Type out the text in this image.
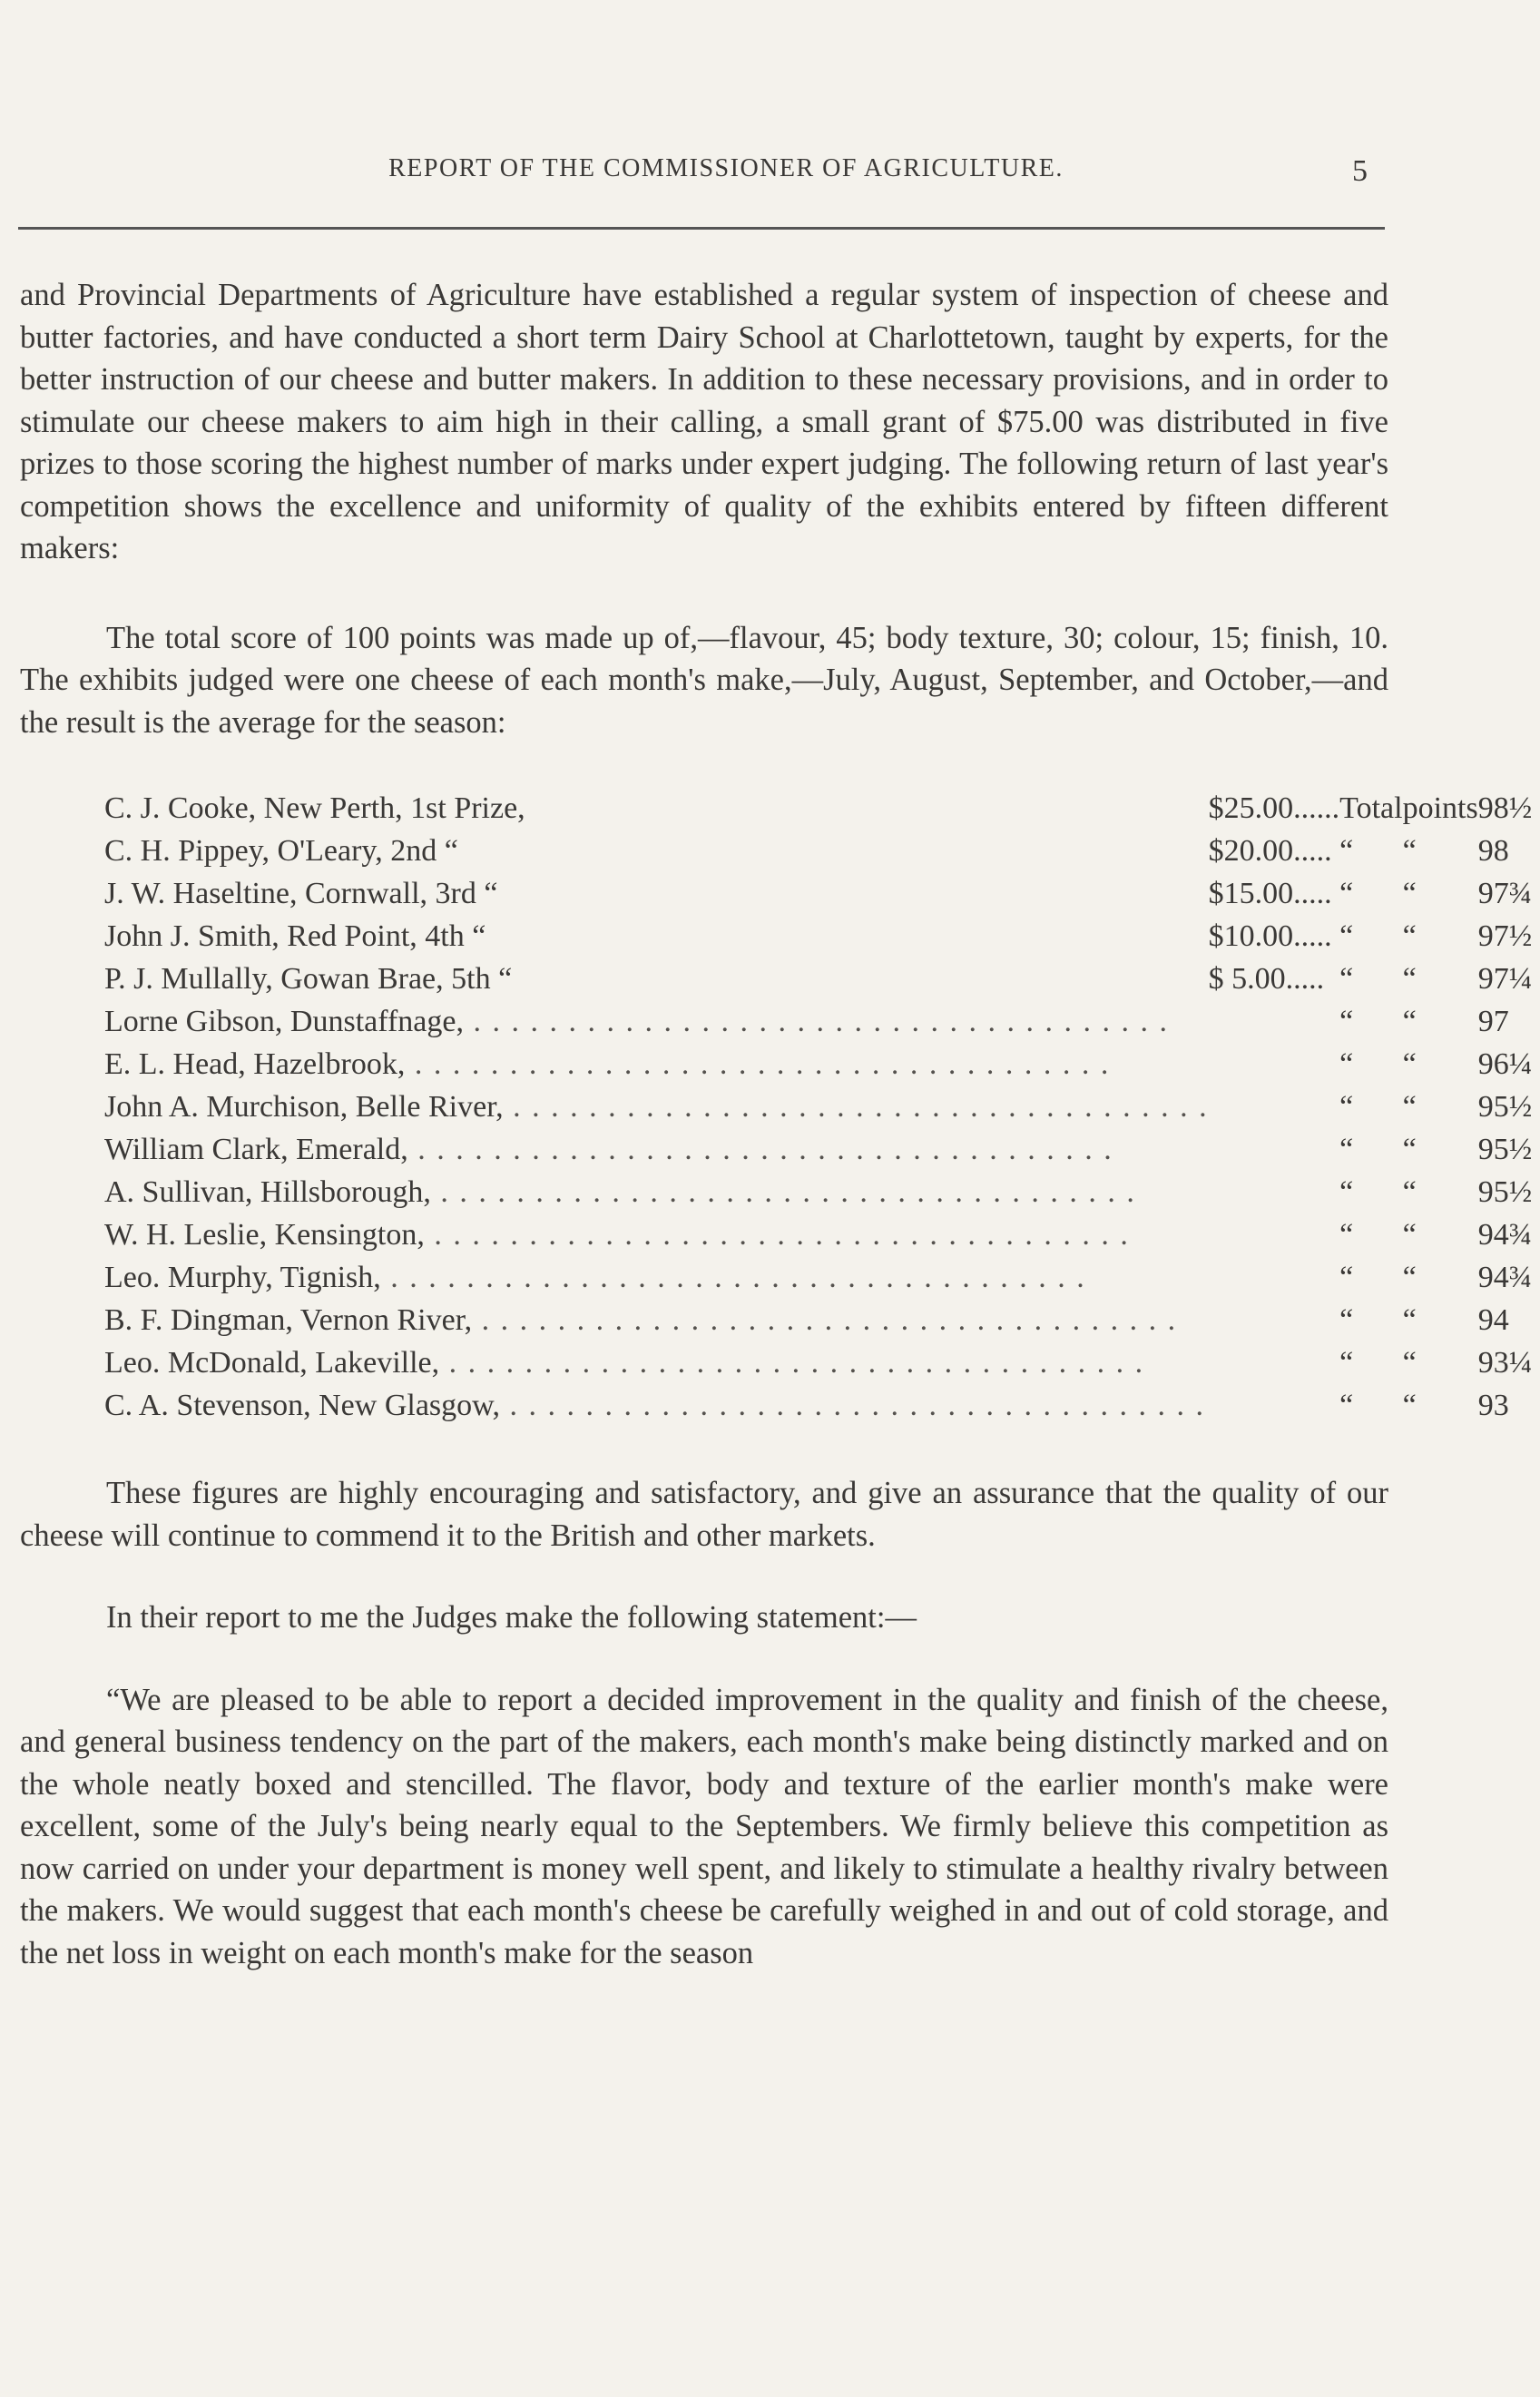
REPORT OF THE COMMISSIONER OF AGRICULTURE.	5

and Provincial Departments of Agriculture have established a regular system of inspection of cheese and butter factories, and have conducted a short term Dairy School at Charlottetown, taught by experts, for the better instruction of our cheese and butter makers. In addition to these necessary provisions, and in order to stimulate our cheese makers to aim high in their calling, a small grant of $75.00 was distributed in five prizes to those scoring the highest number of marks under expert judging. The following return of last year's competition shows the excellence and uniformity of quality of the exhibits entered by fifteen different makers:

The total score of 100 points was made up of,—flavour, 45; body texture, 30; colour, 15; finish, 10. The exhibits judged were one cheese of each month's make,—July, August, September, and October,—and the result is the average for the season:

C. J. Cooke, New Perth, 1st Prize,	$25.00......	Total	points	98½
C. H. Pippey, O'Leary, 2nd “	$20.00.....	“	“	98
J. W. Haseltine, Cornwall, 3rd “	$15.00.....	“	“	97¾
John J. Smith, Red Point, 4th “	$10.00.....	“	“	97½
P. J. Mullally, Gowan Brae, 5th “	$ 5.00.....	“	“	97¼
Lorne Gibson, Dunstaffnage, . . . . . . . . . . . . . . . . . . . . . . . . . . . . . . . . . . . . .		“	“	97
E. L. Head, Hazelbrook, . . . . . . . . . . . . . . . . . . . . . . . . . . . . . . . . . . . . .		“	“	96¼
John A. Murchison, Belle River, . . . . . . . . . . . . . . . . . . . . . . . . . . . . . . . . . . . . .		“	“	95½
William Clark, Emerald, . . . . . . . . . . . . . . . . . . . . . . . . . . . . . . . . . . . . .		“	“	95½
A. Sullivan, Hillsborough, . . . . . . . . . . . . . . . . . . . . . . . . . . . . . . . . . . . . .		“	“	95½
W. H. Leslie, Kensington, . . . . . . . . . . . . . . . . . . . . . . . . . . . . . . . . . . . . .		“	“	94¾
Leo. Murphy, Tignish, . . . . . . . . . . . . . . . . . . . . . . . . . . . . . . . . . . . . .		“	“	94¾
B. F. Dingman, Vernon River, . . . . . . . . . . . . . . . . . . . . . . . . . . . . . . . . . . . . .		“	“	94
Leo. McDonald, Lakeville, . . . . . . . . . . . . . . . . . . . . . . . . . . . . . . . . . . . . .		“	“	93¼
C. A. Stevenson, New Glasgow, . . . . . . . . . . . . . . . . . . . . . . . . . . . . . . . . . . . . .		“	“	93

These figures are highly encouraging and satisfactory, and give an assurance that the quality of our cheese will continue to commend it to the British and other markets.

In their report to me the Judges make the following statement:—

“We are pleased to be able to report a decided improvement in the quality and finish of the cheese, and general business tendency on the part of the makers, each month's make being distinctly marked and on the whole neatly boxed and stencilled. The flavor, body and texture of the earlier month's make were excellent, some of the July's being nearly equal to the Septembers. We firmly believe this competition as now carried on under your department is money well spent, and likely to stimulate a healthy rivalry between the makers. We would suggest that each month's cheese be carefully weighed in and out of cold storage, and the net loss in weight on each month's make for the season
